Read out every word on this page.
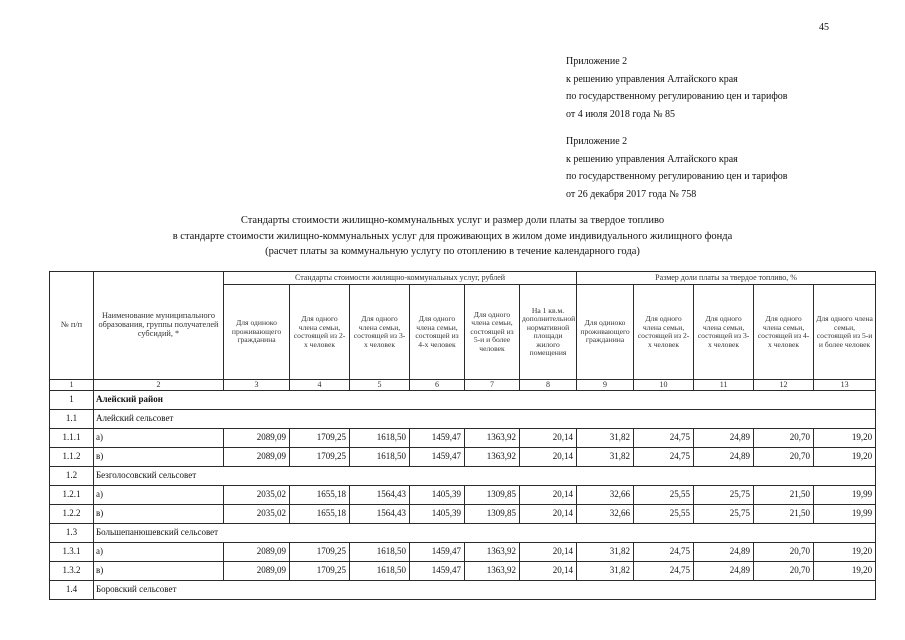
45
Приложение 2
к решению управления Алтайского края
по государственному регулированию цен и тарифов
от 4 июля 2018 года № 85
Приложение 2
к решению управления Алтайского края
по государственному регулированию цен и тарифов
от 26 декабря 2017 года № 758
Стандарты стоимости жилищно-коммунальных услуг и размер доли платы за твердое топливо
в стандарте стоимости жилищно-коммунальных услуг для проживающих в жилом доме индивидуального жилищного фонда
(расчет платы за коммунальную услугу по отоплению в течение календарного года)
№ п/п	Наименование муниципального образования, группы получателей субсидий, *	Стандарты стоимости жилищно-коммунальных услуг, рублей						Размер доли платы за твердое топливо, %				
		Для одиноко проживающего гражданина	Для одного члена семьи, состоящей из 2-х человек	Для одного члена семьи, состоящей из 3-х человек	Для одного члена семьи, состоящей из 4-х человек	Для одного члена семьи, состоящей из 5-и и более человек	На 1 кв.м. дополнительной нормативной площади жилого помещения	Для одиноко проживающего гражданина	Для одного члена семьи, состоящей из 2-х человек	Для одного члена семьи, состоящей из 3-х человек	Для одного члена семьи, состоящей из 4-х человек	Для одного члена семьи, состоящей из 5-и и более человек
1	2	3	4	5	6	7	8	9	10	11	12	13
1	Алейский район											
1.1	Алейский сельсовет											
1.1.1	а)	2089,09	1709,25	1618,50	1459,47	1363,92	20,14	31,82	24,75	24,89	20,70	19,20
1.1.2	в)	2089,09	1709,25	1618,50	1459,47	1363,92	20,14	31,82	24,75	24,89	20,70	19,20
1.2	Безголосовский сельсовет											
1.2.1	а)	2035,02	1655,18	1564,43	1405,39	1309,85	20,14	32,66	25,55	25,75	21,50	19,99
1.2.2	в)	2035,02	1655,18	1564,43	1405,39	1309,85	20,14	32,66	25,55	25,75	21,50	19,99
1.3	Большепанюшевский сельсовет											
1.3.1	а)	2089,09	1709,25	1618,50	1459,47	1363,92	20,14	31,82	24,75	24,89	20,70	19,20
1.3.2	в)	2089,09	1709,25	1618,50	1459,47	1363,92	20,14	31,82	24,75	24,89	20,70	19,20
1.4	Боровский сельсовет											
